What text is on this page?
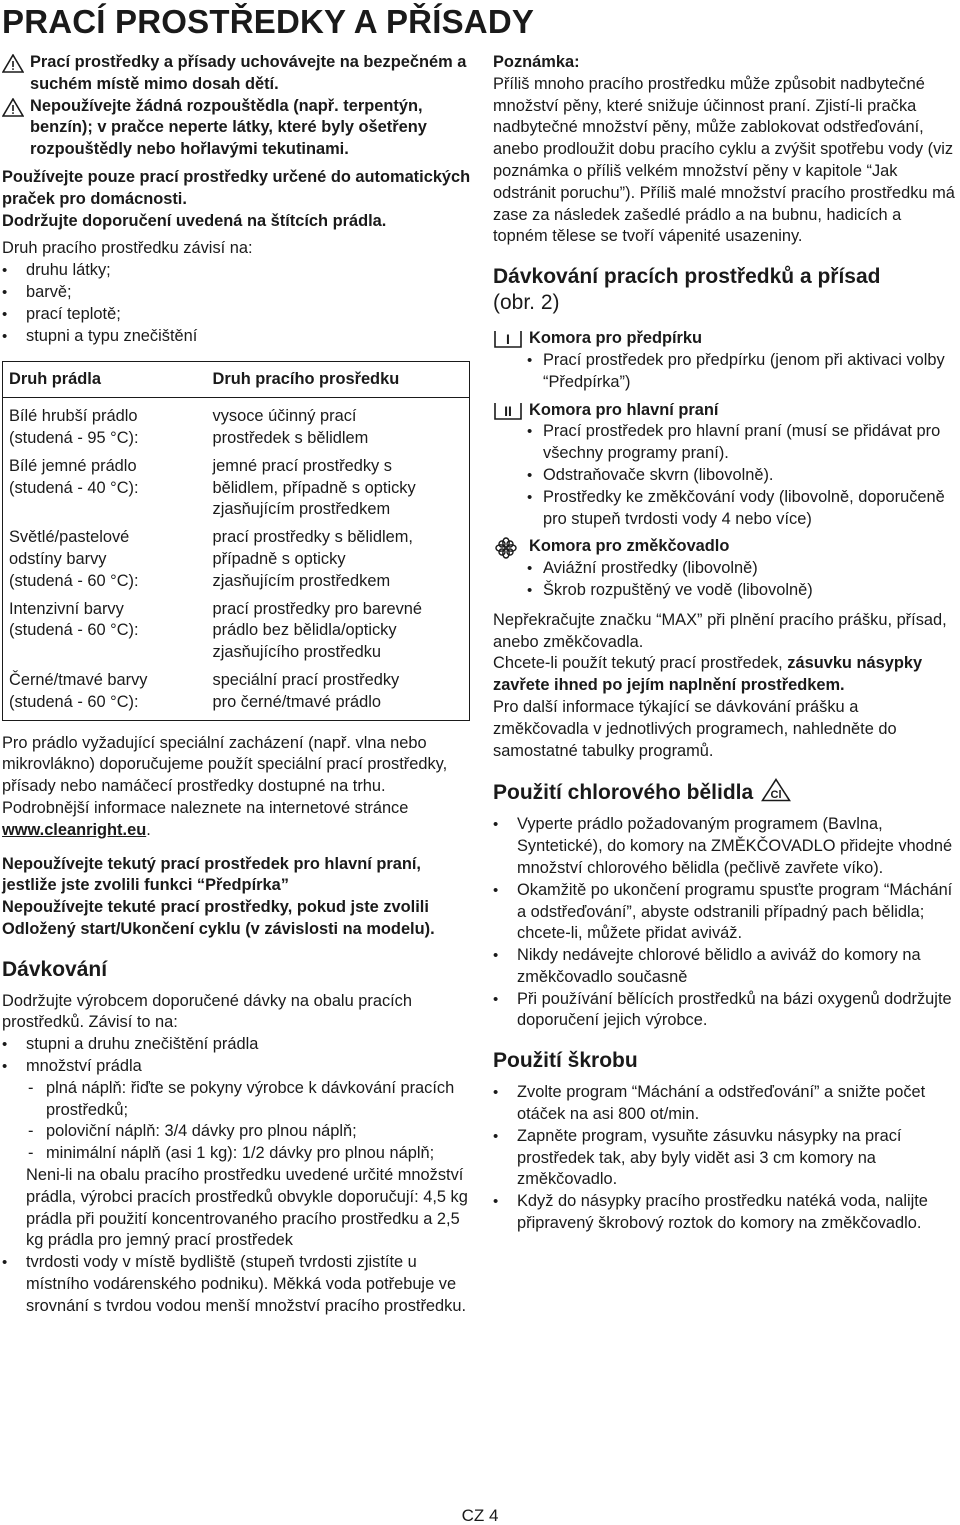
PRACÍ PROSTŘEDKY A PŘÍSADY
Prací prostředky a přísady uchovávejte na bezpečném a suchém místě mimo dosah dětí.
Nepoužívejte žádná rozpouštědla (např. terpentýn, benzín); v pračce neperte látky, které byly ošetřeny rozpouštědly nebo hořlavými tekutinami.

Používejte pouze prací prostředky určené do automatických praček pro domácnosti.

Dodržujte doporučení uvedená na štítcích prádla.

Druh pracího prostředku závisí na:

• druhu látky;
• barvě;
• prací teplotě;
• stupni a typu znečištění
Druh prádla	Druh pracího prosředku

Bílé hrubší prádlo
(studená - 95 °C):	vysoce účinný prací
prostředek s bělidlem

Bílé jemné prádlo
(studená - 40 °C):	jemné prací prostředky s
bělidlem, případně s opticky
zjasňujícím prostředkem

Světlé/pastelové
odstíny barvy
(studená - 60 °C):	prací prostředky s bělidlem,
případně s opticky
zjasňujícím prostředkem

Intenzivní barvy
(studená - 60 °C):	prací prostředky pro barevné
prádlo bez bělidla/opticky
zjasňujícího prostředku

Černé/tmavé barvy
(studená - 60 °C):	speciální prací prostředky
pro černé/tmavé prádlo

Pro prádlo vyžadující speciální zacházení (např. vlna nebo mikrovlákno) doporučujeme použít speciální prací prostředky, přísady nebo namáčecí prostředky dostupné na trhu.

Podrobnější informace naleznete na internetové stránce www.cleanright.eu.

Nepoužívejte tekutý prací prostředek pro hlavní praní, jestliže jste zvolili funkci “Předpírka”

Nepoužívejte tekuté prací prostředky, pokud jste zvolili Odložený start/Ukončení cyklu (v závislosti na modelu).

Dávkování

Dodržujte výrobcem doporučené dávky na obalu pracích prostředků. Závisí to na:

• stupni a druhu znečištění prádla
• množství prádla
- plná náplň: řiďte se pokyny výrobce k dávkování pracích prostředků;
- poloviční náplň: 3/4 dávky pro plnou náplň;
- minimální náplň (asi 1 kg): 1/2 dávky pro plnou náplň;
Neni-li na obalu pracího prostředku uvedené určité množství prádla, výrobci pracích prostředků obvykle doporučují: 4,5 kg prádla při použití koncentrovaného pracího prostředku a 2,5 kg prádla pro jemný prací prostředek
• tvrdosti vody v místě bydliště (stupeň tvrdosti zjistíte u místního vodárenského podniku). Měkká voda potřebuje ve srovnání s tvrdou vodou menší množství pracího prostředku.

Poznámka:

Příliš mnoho pracího prostředku může způsobit nadbytečné množství pěny, které snižuje účinnost praní. Zjistí-li pračka nadbytečné množství pěny, může zablokovat odstřeďování, anebo prodloužit dobu pracího cyklu a zvýšit spotřebu vody (viz poznámka o příliš velkém množství pěny v kapitole “Jak odstránit poruchu”). Příliš malé množství pracího prostředku má zase za následek zašedlé prádlo a na bubnu, hadicích a topném tělese se tvoří vápenité usazeniny.

Dávkování pracích prostředků a přísad
(obr. 2)
I Komora pro předpírku
• Prací prostředek pro předpírku (jenom při aktivaci volby “Předpírka”)
II Komora pro hlavní praní
• Prací prostředek pro hlavní praní (musí se přidávat pro všechny programy praní).
• Odstraňovače skvrn (libovolně).
• Prostředky ke změkčování vody (libovolně, doporučeně pro stupeň tvrdosti vody 4 nebo více)
Komora pro změkčovadlo
• Aviážní prostředky (libovolně)
• Škrob rozpuštěný ve vodě (libovolně)

Nepřekračujte značku “MAX” při plnění pracího prášku, přísad, anebo změkčovadla.

Chcete-li použít tekutý prací prostředek, zásuvku násypky zavřete ihned po jejím naplnění prostředkem.

Pro další informace týkající se dávkování prášku a změkčovadla v jednotlivých programech, nahledněte do samostatné tabulky programů.

Použití chlorového bělidla Cl
• Vyperte prádlo požadovaným programem (Bavlna, Syntetické), do komory na ZMĚKČOVADLO přidejte vhodné množství chlorového bělidla (pečlivě zavřete víko).
• Okamžitě po ukončení programu spusťte program “Máchání a odstřeďování”, abyste odstranili případný pach bělidla; chcete-li, můžete přidat aviváž.
• Nikdy nedávejte chlorové bělidlo a aviváž do komory na změkčovadlo současně
• Při používání bělících prostředků na bázi oxygenů dodržujte doporučení jejich výrobce.
Použití škrobu
• Zvolte program “Máchání a odstřeďování” a snižte počet otáček na asi 800 ot/min.
• Zapněte program, vysuňte zásuvku násypky na prací prostředek tak, aby byly vidět asi 3 cm komory na změkčovadlo.
• Když do násypky pracího prostředku natéká voda, nalijte připravený škrobový roztok do komory na změkčovadlo.
CZ 4
